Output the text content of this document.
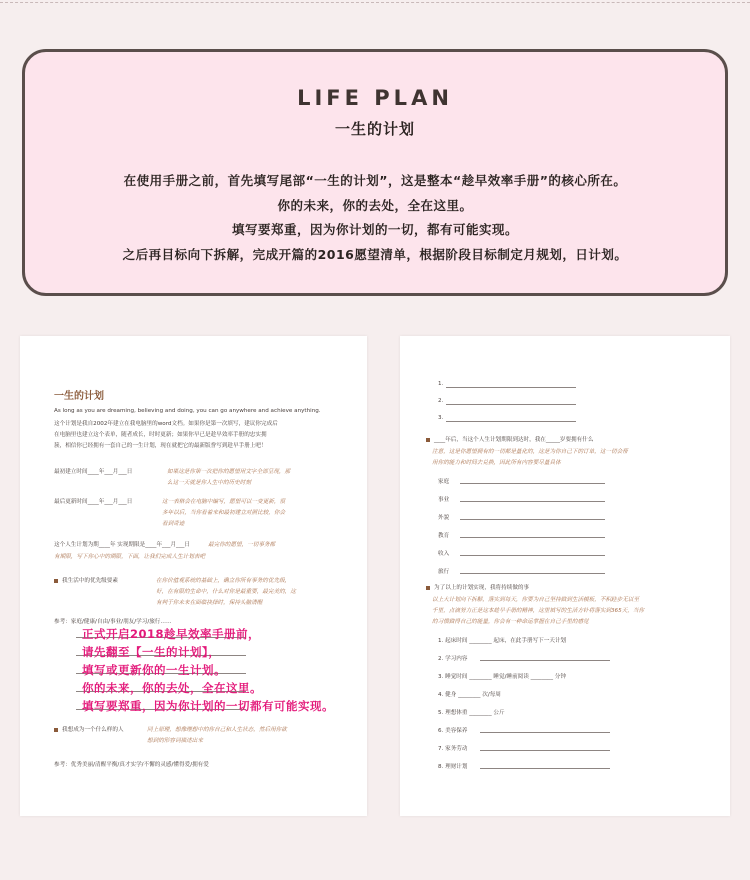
LIFE PLAN
一生的计划
在使用手册之前，首先填写尾部“一生的计划”，这是整本“趁早效率手册”的核心所在。
你的未来，你的去处，全在这里。
填写要郑重，因为你计划的一切，都有可能实现。
之后再目标向下拆解，完成开篇的2016愿望清单，根据阶段目标制定月规划，日计划。
一生的计划
As long as you are dreaming, believing and doing, you can go anywhere and achieve anything.
这个计划是我自2002年建立在我电脑里的word文档。如果你是第一次填写，建议你完成后
在电脑里也建立这个表单，随者成长，时时更新；如果你早已是趁早效率手册的忠实拥
簇，相信你已经拥有一套自己的一生计划，现在就把它的最新版誊写到趁早手册上吧！
最初建立时间____年___月___日	如果这是你第一次把你的愿望用文字全部呈现，那
么这一天就是你人生中的历史时刻
最后更新时间____年___月___日	这一表格会在电脑中编写，愿望可以一变更新，很
多年以后，当你看着来和最初建立对照比较，你会
看到奇迹
这个人生计划为期____年 实现期限是____年___月___日	最完你的愿望，一切事务都
有期限，写下你心中的期限，下面，让我们完成人生计划表吧
我生活中的优先级要素	在你价值观系统的基础上，确立你所有事务的优先级，
好，在有限的生命中，什么对你是最重要，最完美的，这
有判于你未来在面临抉择时，保持头脑清醒
参考：家庭/健康/自由/事业/朋友/学习/旅行……
正式开启2018趁早效率手册前，
请先翻至【一生的计划】，
填写或更新你的一生计划。
你的未来，你的去处，全在这里。
填写要郑重，因为你计划的一切都有可能实现。
我想成为一个什么样的人	同上原理，想像理想中的你自己和人生状态，然后用你欲
想到的形容词描述出来
参考：优秀美丽/清醒平衡/真才实学/不懈的灵感/懂得爱/拥有爱
1.
2.
3.
____年后，当这个人生计划期限到达时，我在_____岁要拥有什么
注意，这是你愿望拥有的一切都是量化的，这是为你自己下的订单，这一切会帮
用你的能力和时间去兑换，因此所有内容要尽量具体
家庭
事业
外貌
教育
收入
旅行
为了以上的计划实现，我将持续做的事
以上大计划向下拆解，落实到每天，你要为自己坚持做到生活模板，不积跬步无以至
千里，点滴努力正是这本趁早手册的精神，这里填写的生活方针将落实到365天，当你
的习惯做得自己的能量，你会有一种命运掌握在自己手里的感觉
1. 起床时间 ________ 起床，在此手册写下一天计划
2. 学习内容
3. 睡觉时间 ________ 睡觉/睡前阅读 ________ 分钟
4. 健身 ________ 次/每周
5. 理想体重 ________ 公斤
6. 美容保养
7. 家务劳动
8. 理财计划
